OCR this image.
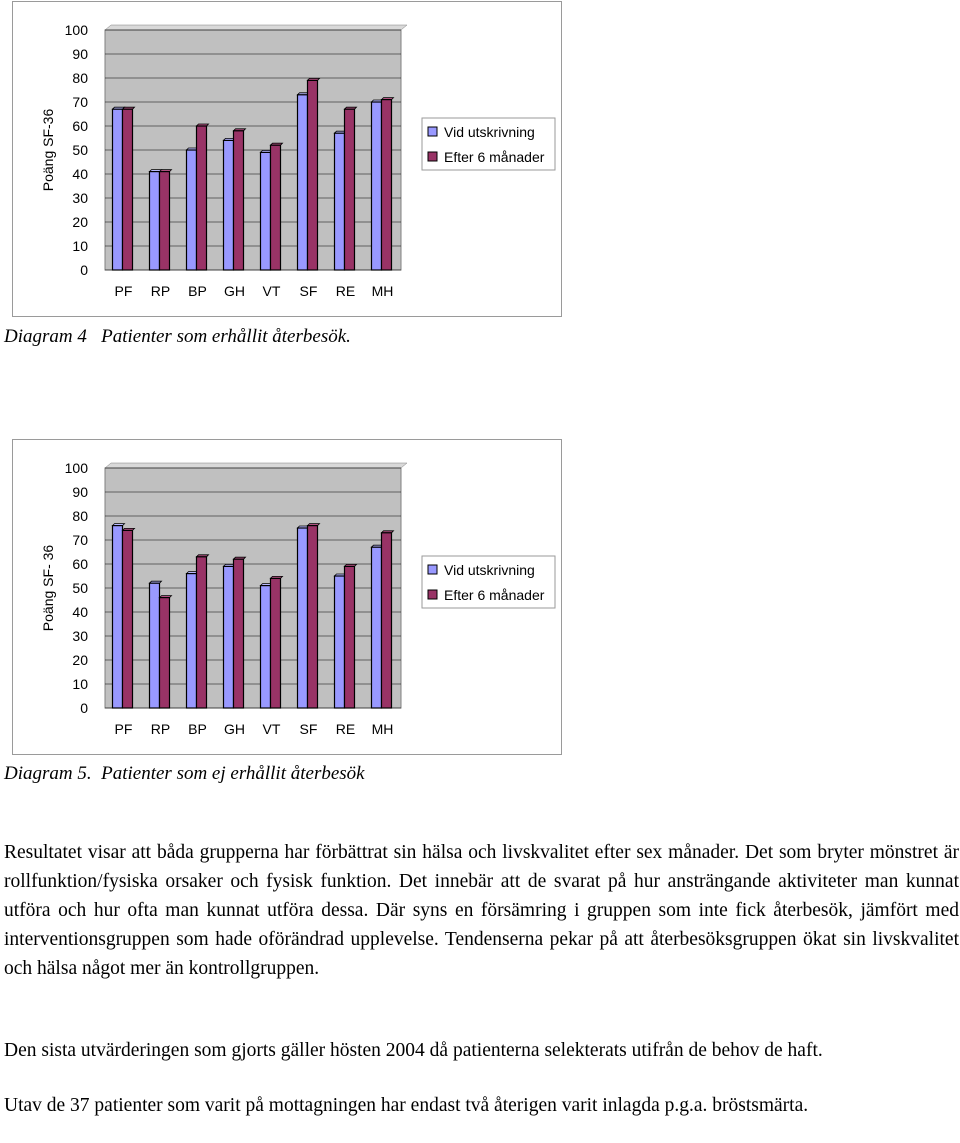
0
10
20
30
40
50
60
70
80
90
100
Poäng SF-36
PF RP BP GH VT SF RE MH
Vid utskrivning
Efter 6 månader
Diagram 4   Patienter som erhållit återbesök.
0
10
20
30
40
50
60
70
80
90
100
Poäng SF- 36
PF RP BP GH VT SF RE MH
Vid utskrivning
Efter 6 månader
Diagram 5.  Patienter som ej erhållit återbesök
Resultatet visar att båda grupperna har förbättrat sin hälsa och livskvalitet efter sex månader. Det som bryter mönstret är rollfunktion/fysiska orsaker och fysisk funktion. Det innebär att de svarat på hur ansträngande aktiviteter man kunnat utföra och hur ofta man kunnat utföra dessa. Där syns en försämring i gruppen som inte fick återbesök, jämfört med interventionsgruppen som hade oförändrad upplevelse. Tendenserna pekar på att återbesöksgruppen ökat sin livskvalitet och hälsa något mer än kontrollgruppen.
Den sista utvärderingen som gjorts gäller hösten 2004 då patienterna selekterats utifrån de behov de haft.
Utav de 37 patienter som varit på mottagningen har endast två återigen varit inlagda p.g.a. bröstsmärta.
